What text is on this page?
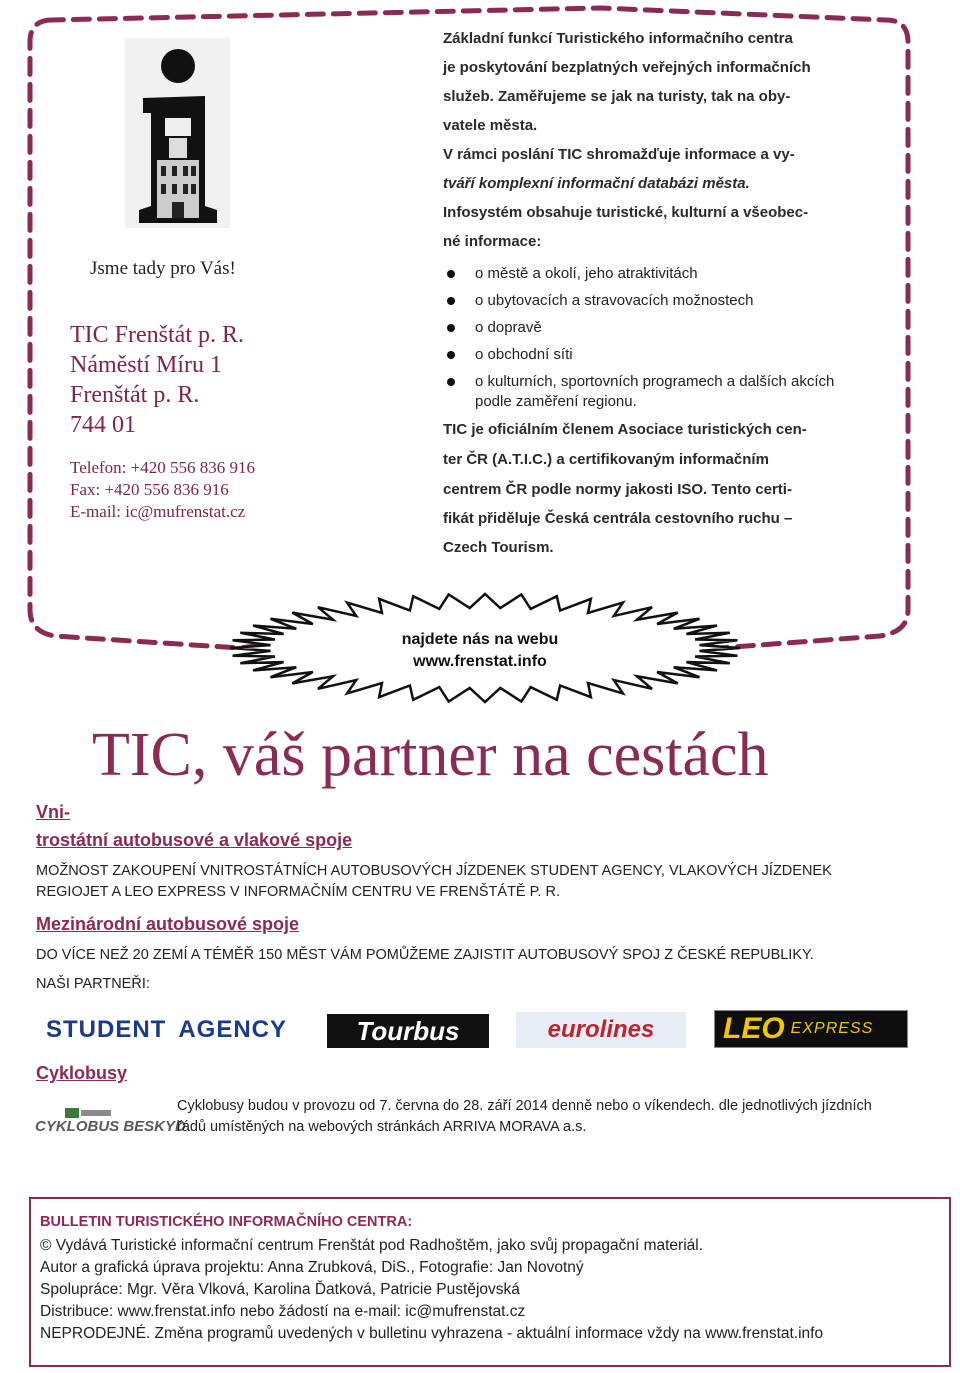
Jsme tady pro Vás!
TIC Frenštát p. R.
Náměstí Míru 1
Frenštát p. R.
744 01
Telefon: +420 556 836 916
Fax: +420 556 836 916
E-mail: ic@mufrenstat.cz
Základní funkcí Turistického informačního centra
je poskytování bezplatných veřejných informačních
služeb. Zaměřujeme se jak na turisty, tak na oby-
vatele města.
V rámci poslání TIC shromažďuje informace a vy-
tváří komplexní informační databázi města.
Infosystém obsahuje turistické, kulturní a všeobec-
né informace:
o městě a okolí, jeho atraktivitách
o ubytovacích a stravovacích možnostech
o dopravě
o obchodní síti
o kulturních, sportovních programech a dalších akcích podle zaměření regionu.
TIC je oficiálním členem Asociace turistických cen-
ter ČR (A.T.I.C.) a certifikovaným informačním
centrem ČR podle normy jakosti ISO. Tento certi-
fikát přiděluje Česká centrála cestovního ruchu –
Czech Tourism.
najdete nás na webu
www.frenstat.info
TIC, váš partner na cestách
Vni-
trostátní autobusové a vlakové spoje
MOŽNOST ZAKOUPENÍ VNITROSTÁTNÍCH AUTOBUSOVÝCH JÍZDENEK STUDENT AGENCY, VLAKOVÝCH JÍZDENEK
REGIOJET A LEO EXPRESS V INFORMAČNÍM CENTRU VE FRENŠTÁTĚ P. R.
Mezinárodní autobusové spoje
DO VÍCE NEŽ 20 ZEMÍ A TÉMĚŘ 150 MĚST VÁM POMŮŽEME ZAJISTIT AUTOBUSOVÝ SPOJ Z ČESKÉ REPUBLIKY.
NAŠI PARTNEŘI:
STUDENT AGENCY	Tourbus	eurolines LEO EXPRESS
Cyklobusy
CYKLOBUS BESKYD
Cyklobusy budou v provozu od 7. června do 28. září 2014 denně nebo o víkendech. dle jednotlivých jízdních
řádů umístěných na webových stránkách ARRIVA MORAVA a.s.
BULLETIN TURISTICKÉHO INFORMAČNÍHO CENTRA:
© Vydává Turistické informační centrum Frenštát pod Radhoštěm, jako svůj propagační materiál.
Autor a grafická úprava projektu: Anna Zrubková, DiS., Fotografie: Jan Novotný
Spolupráce: Mgr. Věra Vlková, Karolina Ďatková, Patricie Pustějovská
Distribuce: www.frenstat.info nebo žádostí na e-mail: ic@mufrenstat.cz
NEPRODEJNÉ. Změna programů uvedených v bulletinu vyhrazena - aktuální informace vždy na www.frenstat.info
